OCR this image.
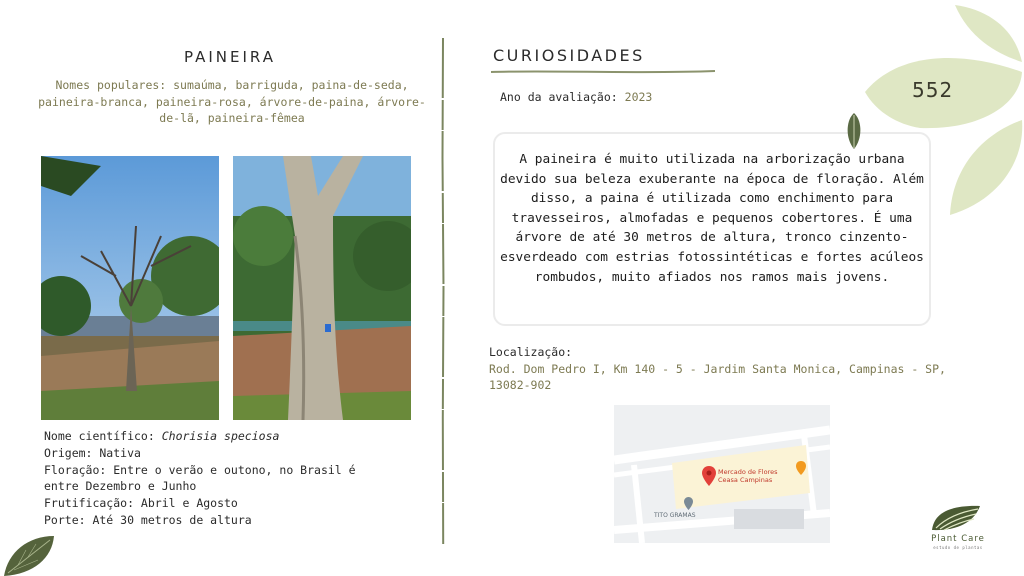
552
PAINEIRA
Nomes populares: sumaúma, barriguda, paina-de-seda, paineira-branca, paineira-rosa, árvore-de-paina, árvore-de-lã, paineira-fêmea
Nome científico: Chorisia speciosa
Origem: Nativa
Floração: Entre o verão e outono, no Brasil é
entre Dezembro e Junho
Frutificação: Abril e Agosto
Porte: Até 30 metros de altura
CURIOSIDADES
Ano da avaliação: 2023
A paineira é muito utilizada na arborização urbana devido sua beleza exuberante na época de floração. Além disso, a paina é utilizada como enchimento para travesseiros, almofadas e pequenos cobertores. É uma árvore de até 30 metros de altura, tronco cinzento-esverdeado com estrias fotossintéticas e fortes acúleos rombudos, muito afiados nos ramos mais jovens.
Localização:
Rod. Dom Pedro I, Km 140 - 5 - Jardim Santa Monica, Campinas - SP,
13082-902
Mercado de Flores
Ceasa Campinas
TITO GRAMAS
Plant Care
estudo de plantas
